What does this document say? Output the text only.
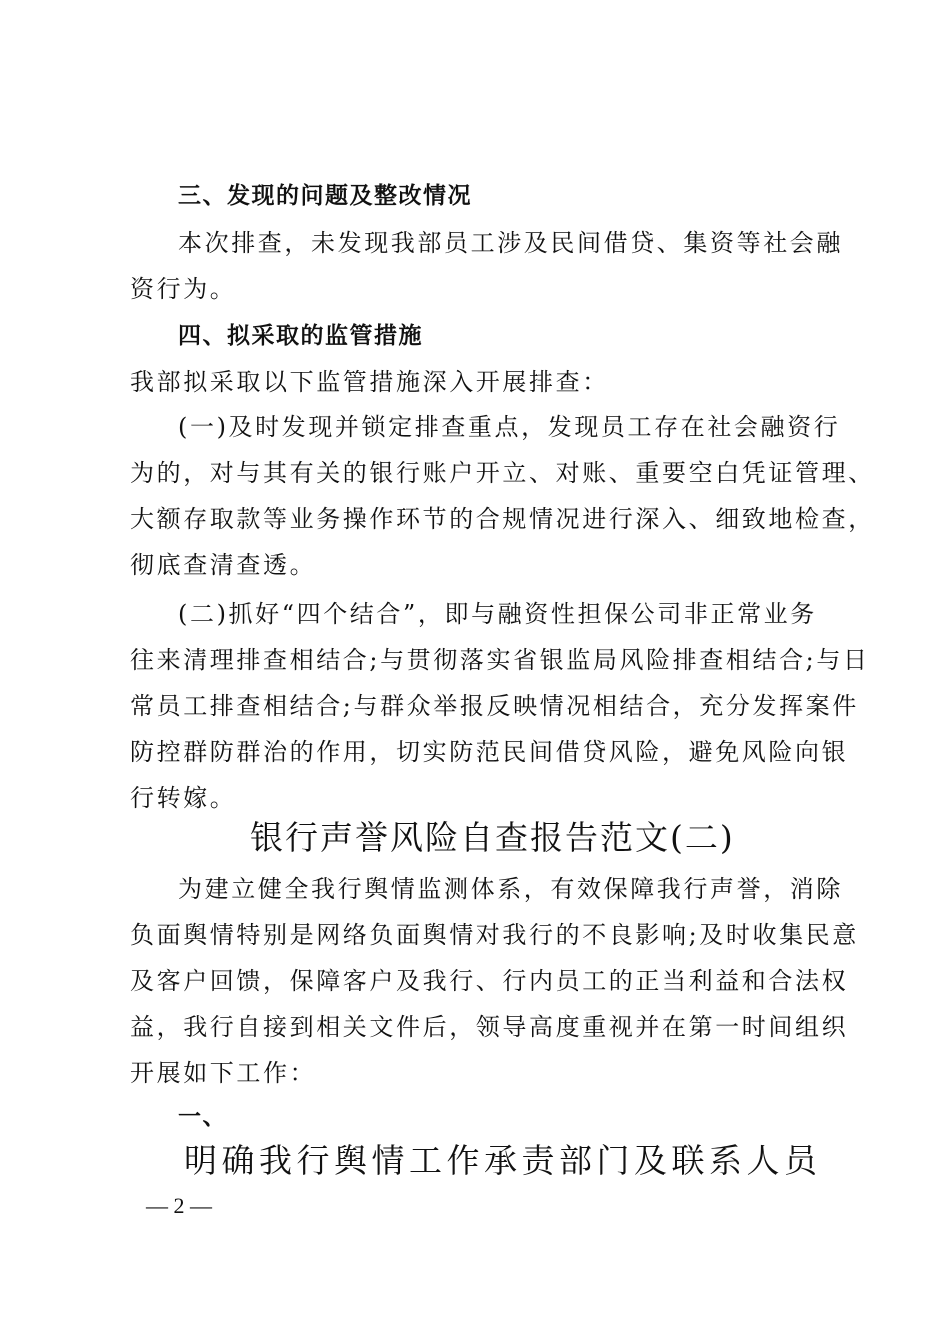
三、发现的问题及整改情况
本次排查，未发现我部员工涉及民间借贷、集资等社会融
资行为。
四、拟采取的监管措施
我部拟采取以下监管措施深入开展排查：
(一)及时发现并锁定排查重点，发现员工存在社会融资行
为的，对与其有关的银行账户开立、对账、重要空白凭证管理、
大额存取款等业务操作环节的合规情况进行深入、细致地检查，
彻底查清查透。
(二)抓好“四个结合”，即与融资性担保公司非正常业务
往来清理排查相结合;与贯彻落实省银监局风险排查相结合;与日
常员工排查相结合;与群众举报反映情况相结合，充分发挥案件
防控群防群治的作用，切实防范民间借贷风险，避免风险向银
行转嫁。
银行声誉风险自查报告范文(二)
为建立健全我行舆情监测体系，有效保障我行声誉，消除
负面舆情特别是网络负面舆情对我行的不良影响;及时收集民意
及客户回馈，保障客户及我行、行内员工的正当利益和合法权
益，我行自接到相关文件后，领导高度重视并在第一时间组织
开展如下工作：
一、
明确我行舆情工作承责部门及联系人员
— 2 —
